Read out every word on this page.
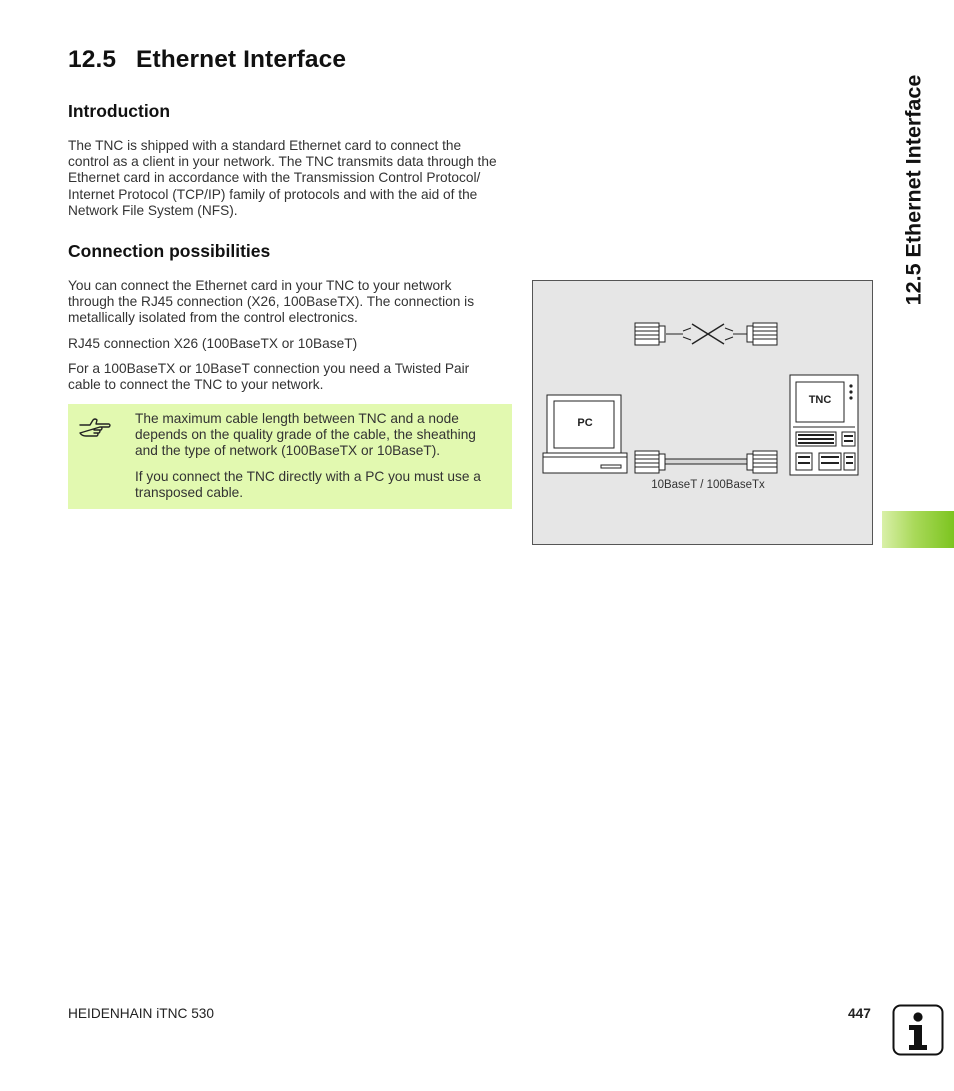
12.5 Ethernet Interface
Introduction

The TNC is shipped with a standard Ethernet card to connect the

control as a client in your network. The TNC transmits data through the

Ethernet card in accordance with the Transmission Control Protocol/

Internet Protocol (TCP/IP) family of protocols and with the aid of the

Network File System (NFS).

Connection possibilities

You can connect the Ethernet card in your TNC to your network

through the RJ45 connection (X26, 100BaseTX). The connection is

metallically isolated from the control electronics.

RJ45 connection X26 (100BaseTX or 10BaseT)

For a 100BaseTX or 10BaseT connection you need a Twisted Pair

cable to connect the TNC to your network.

The maximum cable length between TNC and a node

depends on the quality grade of the cable, the sheathing

and the type of network (100BaseTX or 10BaseT).

If you connect the TNC directly with a PC you must use a

transposed cable.

PC
TNC
10BaseT / 100BaseTx
12.5 Ethernet Interface
HEIDENHAIN iTNC 530	447
